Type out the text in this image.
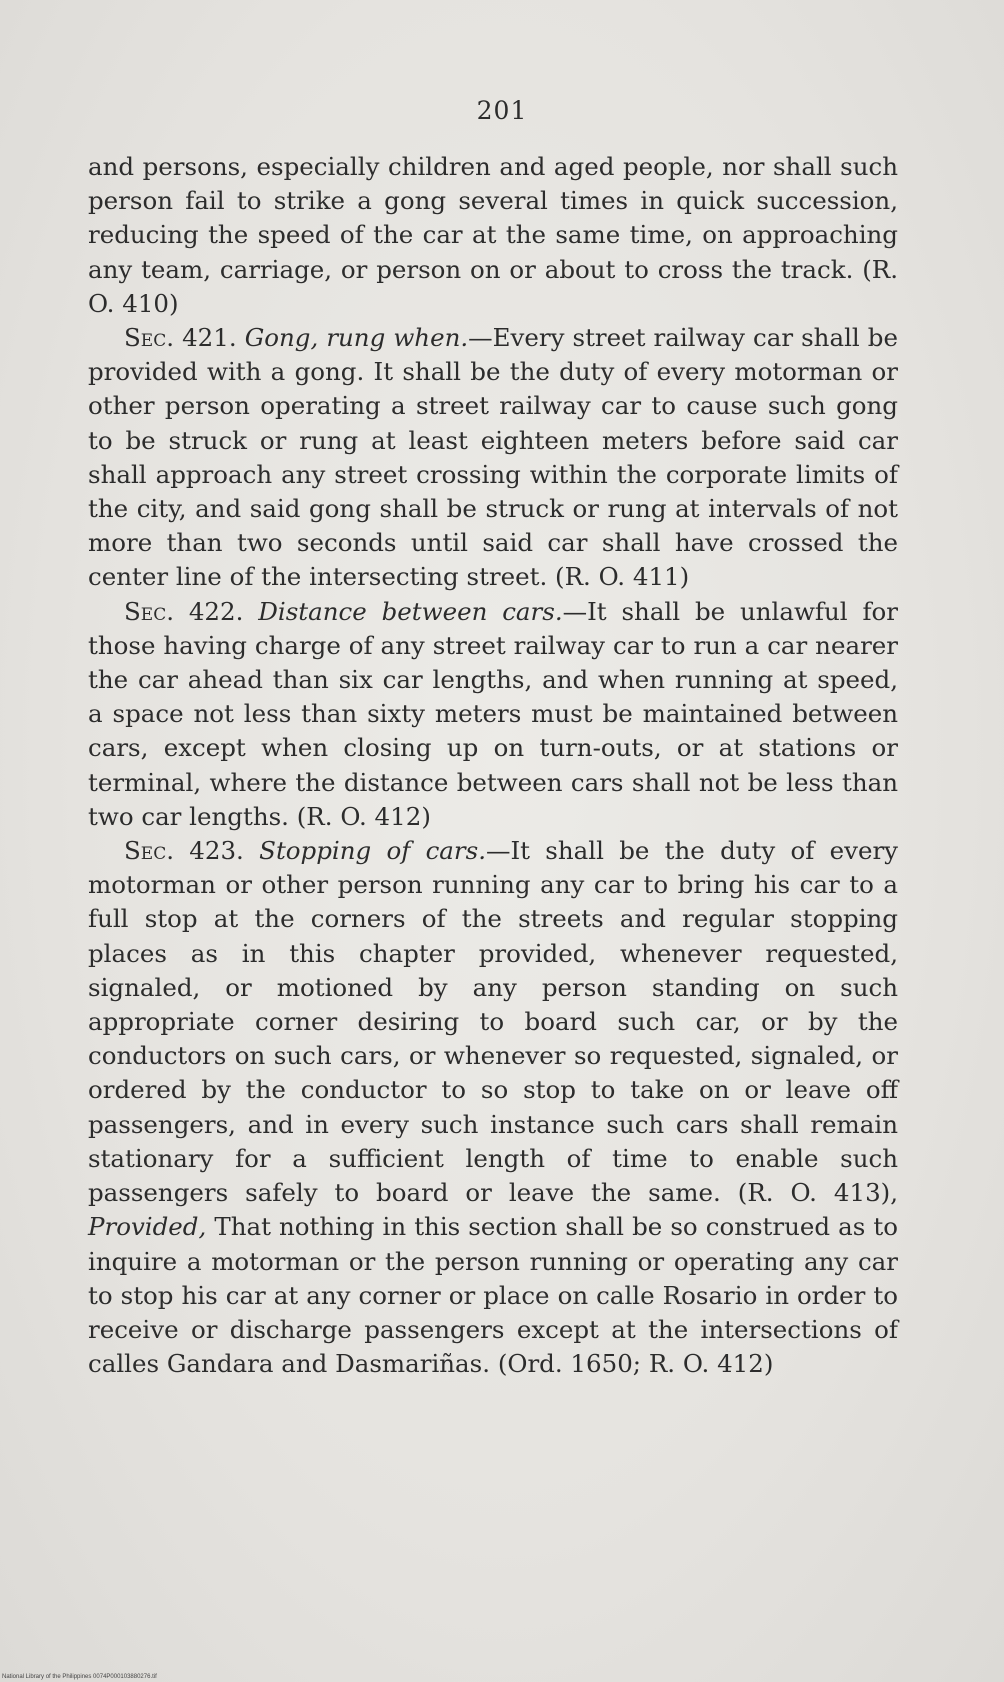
201

and persons, especially children and aged people, nor shall such person fail to strike a gong several times in quick succession, reducing the speed of the car at the same time, on approaching any team, carriage, or person on or about to cross the track. (R. O. 410)

Sec. 421. Gong, rung when.—Every street railway car shall be provided with a gong. It shall be the duty of every motorman or other person operating a street railway car to cause such gong to be struck or rung at least eighteen meters before said car shall approach any street crossing within the corporate limits of the city, and said gong shall be struck or rung at intervals of not more than two seconds until said car shall have crossed the center line of the intersecting street. (R. O. 411)

Sec. 422. Distance between cars.—It shall be unlawful for those having charge of any street railway car to run a car nearer the car ahead than six car lengths, and when running at speed, a space not less than sixty meters must be maintained between cars, except when closing up on turn-outs, or at stations or terminal, where the distance between cars shall not be less than two car lengths. (R. O. 412)

Sec. 423. Stopping of cars.—It shall be the duty of every motorman or other person running any car to bring his car to a full stop at the corners of the streets and regular stopping places as in this chapter provided, whenever requested, signaled, or motioned by any person standing on such appropriate corner desiring to board such car, or by the conductors on such cars, or whenever so requested, signaled, or ordered by the conductor to so stop to take on or leave off passengers, and in every such instance such cars shall remain stationary for a sufficient length of time to enable such passengers safely to board or leave the same. (R. O. 413), Provided, That nothing in this section shall be so construed as to inquire a motorman or the person running or operating any car to stop his car at any corner or place on calle Rosario in order to receive or discharge passengers except at the intersections of calles Gandara and Dasmariñas. (Ord. 1650; R. O. 412)

National Library of the Philippines 0074P000103880276.tif
